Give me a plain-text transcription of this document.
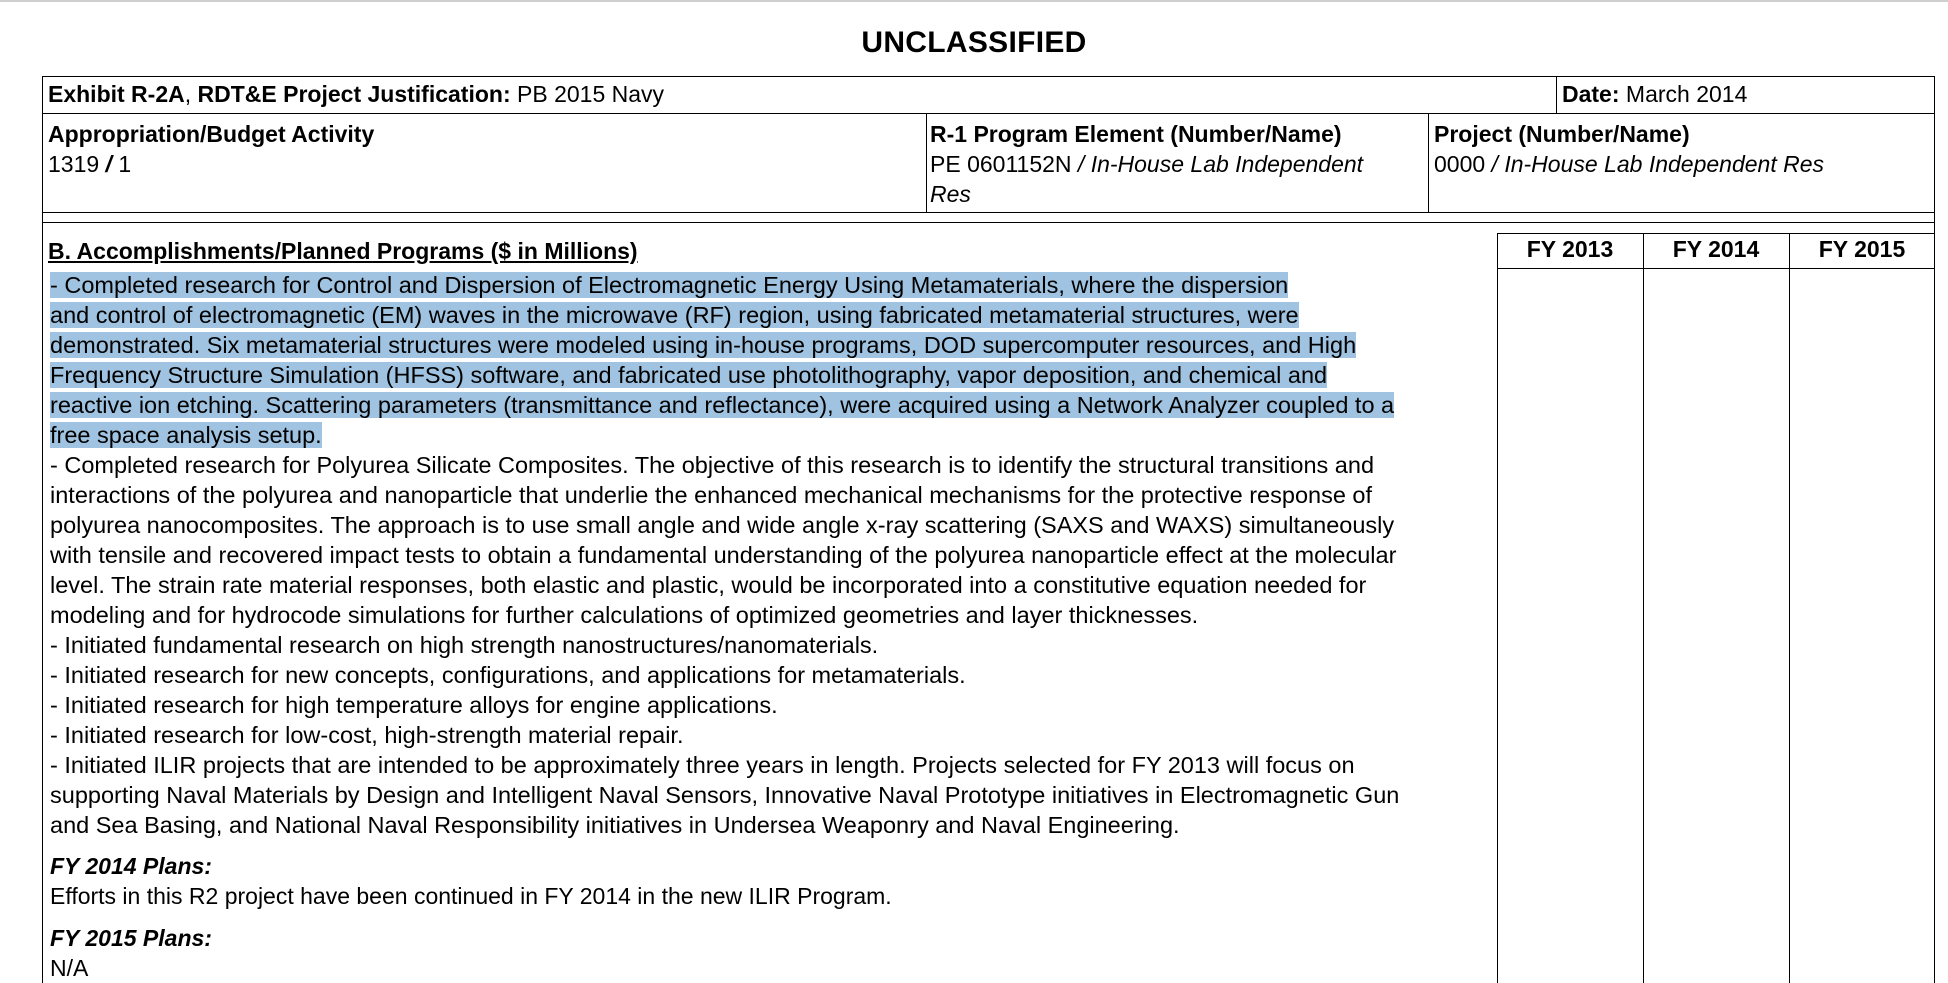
UNCLASSIFIED
Exhibit R-2A, RDT&E Project Justification: PB 2015 Navy	Date: March 2014
Appropriation/Budget Activity
1319 / 1
R-1 Program Element (Number/Name)
PE 0601152N / In-House Lab Independent
Res
Project (Number/Name)
0000 / In-House Lab Independent Res
B. Accomplishments/Planned Programs ($ in Millions)	FY 2013	FY 2014	FY 2015
- Completed research for Control and Dispersion of Electromagnetic Energy Using Metamaterials, where the dispersion
and control of electromagnetic (EM) waves in the microwave (RF) region, using fabricated metamaterial structures, were
demonstrated. Six metamaterial structures were modeled using in-house programs, DOD supercomputer resources, and High
Frequency Structure Simulation (HFSS) software, and fabricated use photolithography, vapor deposition, and chemical and
reactive ion etching. Scattering parameters (transmittance and reflectance), were acquired using a Network Analyzer coupled to a
free space analysis setup.
- Completed research for Polyurea Silicate Composites. The objective of this research is to identify the structural transitions and
interactions of the polyurea and nanoparticle that underlie the enhanced mechanical mechanisms for the protective response of
polyurea nanocomposites. The approach is to use small angle and wide angle x-ray scattering (SAXS and WAXS) simultaneously
with tensile and recovered impact tests to obtain a fundamental understanding of the polyurea nanoparticle effect at the molecular
level. The strain rate material responses, both elastic and plastic, would be incorporated into a constitutive equation needed for
modeling and for hydrocode simulations for further calculations of optimized geometries and layer thicknesses.
- Initiated fundamental research on high strength nanostructures/nanomaterials.
- Initiated research for new concepts, configurations, and applications for metamaterials.
- Initiated research for high temperature alloys for engine applications.
- Initiated research for low-cost, high-strength material repair.
- Initiated ILIR projects that are intended to be approximately three years in length. Projects selected for FY 2013 will focus on
supporting Naval Materials by Design and Intelligent Naval Sensors, Innovative Naval Prototype initiatives in Electromagnetic Gun
and Sea Basing, and National Naval Responsibility initiatives in Undersea Weaponry and Naval Engineering.
FY 2014 Plans:
Efforts in this R2 project have been continued in FY 2014 in the new ILIR Program.
FY 2015 Plans:
N/A
